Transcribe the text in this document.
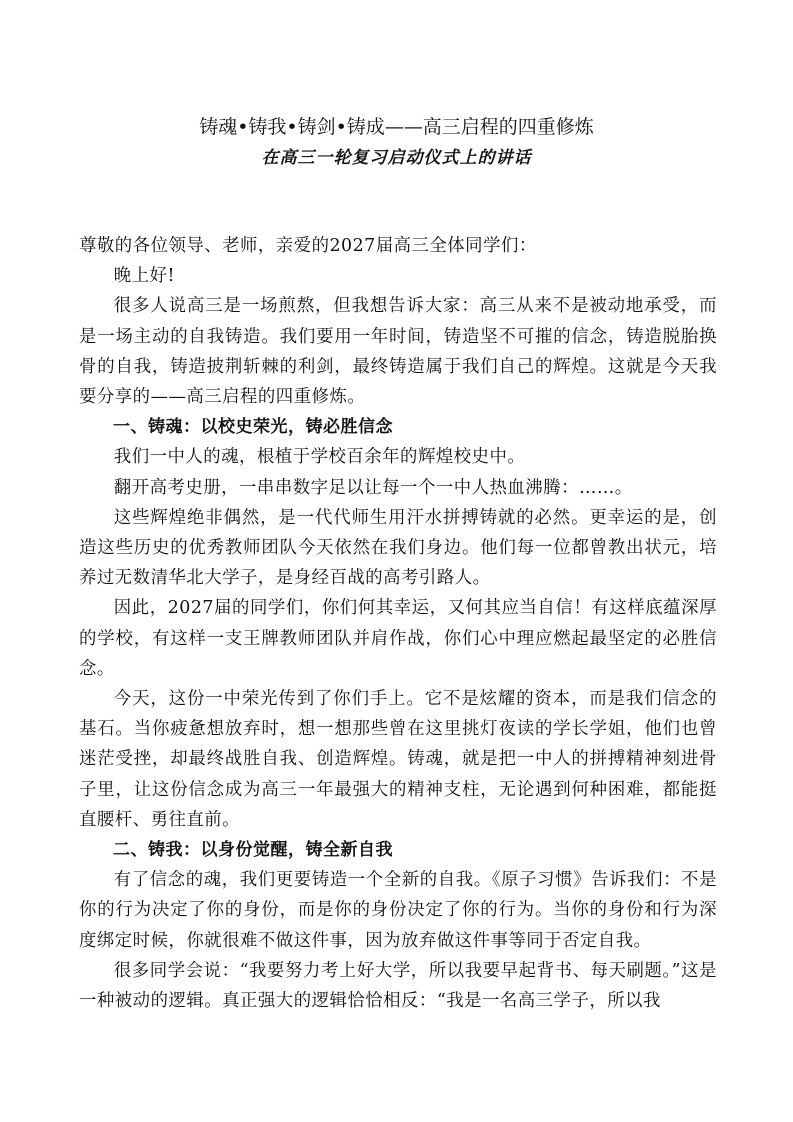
铸魂•铸我•铸剑•铸成——高三启程的四重修炼
在高三一轮复习启动仪式上的讲话

尊敬的各位领导、老师，亲爱的2027届高三全体同学们：

晚上好!

很多人说高三是一场煎熬，但我想告诉大家：高三从来不是被动地承受，而是一场主动的自我铸造。我们要用一年时间，铸造坚不可摧的信念，铸造脱胎换骨的自我，铸造披荆斩棘的利剑，最终铸造属于我们自己的辉煌。这就是今天我要分享的——高三启程的四重修炼。

一、铸魂：以校史荣光，铸必胜信念

我们一中人的魂，根植于学校百余年的辉煌校史中。

翻开高考史册，一串串数字足以让每一个一中人热血沸腾：……。

这些辉煌绝非偶然，是一代代师生用汗水拼搏铸就的必然。更幸运的是，创造这些历史的优秀教师团队今天依然在我们身边。他们每一位都曾教出状元，培养过无数清华北大学子，是身经百战的高考引路人。

因此，2027届的同学们，你们何其幸运，又何其应当自信！有这样底蕴深厚的学校，有这样一支王牌教师团队并肩作战，你们心中理应燃起最坚定的必胜信念。

今天，这份一中荣光传到了你们手上。它不是炫耀的资本，而是我们信念的基石。当你疲惫想放弃时，想一想那些曾在这里挑灯夜读的学长学姐，他们也曾迷茫受挫，却最终战胜自我、创造辉煌。铸魂，就是把一中人的拼搏精神刻进骨子里，让这份信念成为高三一年最强大的精神支柱，无论遇到何种困难，都能挺直腰杆、勇往直前。

二、铸我：以身份觉醒，铸全新自我

有了信念的魂，我们更要铸造一个全新的自我。《原子习惯》告诉我们：不是你的行为决定了你的身份，而是你的身份决定了你的行为。当你的身份和行为深度绑定时候，你就很难不做这件事，因为放弃做这件事等同于否定自我。

很多同学会说：“我要努力考上好大学，所以我要早起背书、每天刷题。”这是一种被动的逻辑。真正强大的逻辑恰恰相反：“我是一名高三学子，所以我
